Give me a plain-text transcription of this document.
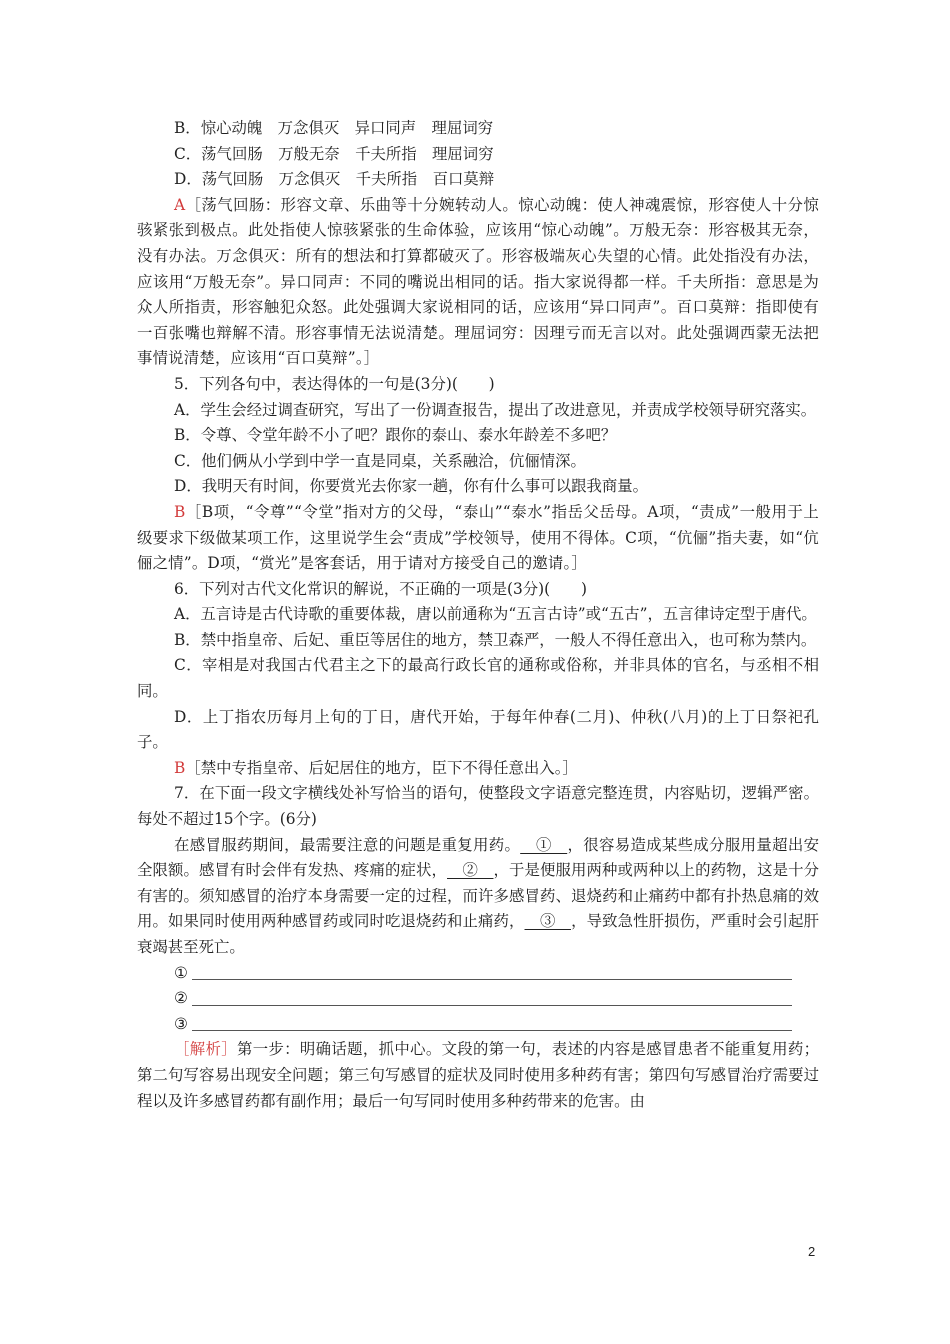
B．惊心动魄　万念俱灭　异口同声　理屈词穷

C．荡气回肠　万般无奈　千夫所指　理屈词穷

D．荡气回肠　万念俱灭　千夫所指　百口莫辩

A［荡气回肠：形容文章、乐曲等十分婉转动人。惊心动魄：使人神魂震惊，形容使人十分惊骇紧张到极点。此处指使人惊骇紧张的生命体验，应该用“惊心动魄”。万般无奈：形容极其无奈，没有办法。万念俱灭：所有的想法和打算都破灭了。形容极端灰心失望的心情。此处指没有办法，应该用“万般无奈”。异口同声：不同的嘴说出相同的话。指大家说得都一样。千夫所指：意思是为众人所指责，形容触犯众怒。此处强调大家说相同的话，应该用“异口同声”。百口莫辩：指即使有一百张嘴也辩解不清。形容事情无法说清楚。理屈词穷：因理亏而无言以对。此处强调西蒙无法把事情说清楚，应该用“百口莫辩”。］

5．下列各句中，表达得体的一句是(3分)(　　)

A．学生会经过调查研究，写出了一份调查报告，提出了改进意见，并责成学校领导研究落实。

B．令尊、令堂年龄不小了吧？跟你的泰山、泰水年龄差不多吧？

C．他们俩从小学到中学一直是同桌，关系融洽，伉俪情深。

D．我明天有时间，你要赏光去你家一趟，你有什么事可以跟我商量。

B［B项，“令尊”“令堂”指对方的父母，“泰山”“泰水”指岳父岳母。A项，“责成”一般用于上级要求下级做某项工作，这里说学生会“责成”学校领导，使用不得体。C项，“伉俪”指夫妻，如“伉俪之情”。D项，“赏光”是客套话，用于请对方接受自己的邀请。］

6．下列对古代文化常识的解说，不正确的一项是(3分)(　　)

A．五言诗是古代诗歌的重要体裁，唐以前通称为“五言古诗”或“五古”，五言律诗定型于唐代。

B．禁中指皇帝、后妃、重臣等居住的地方，禁卫森严，一般人不得任意出入，也可称为禁内。

C．宰相是对我国古代君主之下的最高行政长官的通称或俗称，并非具体的官名，与丞相不相同。

D．上丁指农历每月上旬的丁日，唐代开始，于每年仲春(二月)、仲秋(八月)的上丁日祭祀孔子。

B［禁中专指皇帝、后妃居住的地方，臣下不得任意出入。］

7．在下面一段文字横线处补写恰当的语句，使整段文字语意完整连贯，内容贴切，逻辑严密。每处不超过15个字。(6分)

在感冒服药期间，最需要注意的问题是重复用药。__①__，很容易造成某些成分服用量超出安全限额。感冒有时会伴有发热、疼痛的症状，__②__，于是便服用两种或两种以上的药物，这是十分有害的。须知感冒的治疗本身需要一定的过程，而许多感冒药、退烧药和止痛药中都有扑热息痛的效用。如果同时使用两种感冒药或同时吃退烧药和止痛药，__③__，导致急性肝损伤，严重时会引起肝衰竭甚至死亡。

①
②
③

［解析］第一步：明确话题，抓中心。文段的第一句，表述的内容是感冒患者不能重复用药；第二句写容易出现安全问题；第三句写感冒的症状及同时使用多种药有害；第四句写感冒治疗需要过程以及许多感冒药都有副作用；最后一句写同时使用多种药带来的危害。由

2
